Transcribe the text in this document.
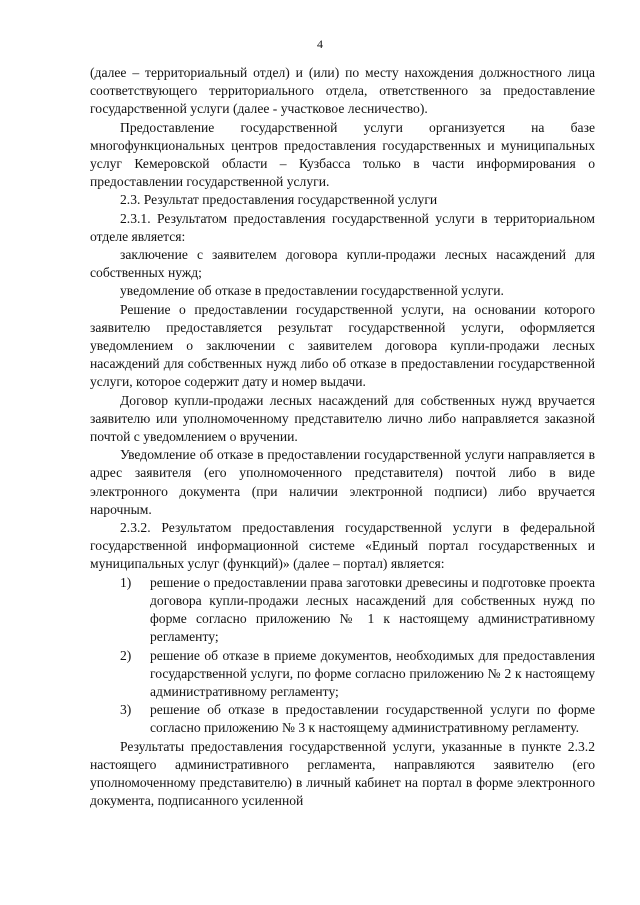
4

(далее – территориальный отдел) и (или) по месту нахождения должностного лица соответствующего территориального отдела, ответственного за предоставление государственной услуги (далее - участковое лесничество).

Предоставление государственной услуги организуется на базе многофункциональных центров предоставления государственных и муниципальных услуг Кемеровской области – Кузбасса только в части информирования о предоставлении государственной услуги.

2.3. Результат предоставления государственной услуги

2.3.1. Результатом предоставления государственной услуги в территориальном отделе является:

заключение с заявителем договора купли-продажи лесных насаждений для собственных нужд;

уведомление об отказе в предоставлении государственной услуги.

Решение о предоставлении государственной услуги, на основании которого заявителю предоставляется результат государственной услуги, оформляется уведомлением о заключении с заявителем договора купли-продажи лесных насаждений для собственных нужд либо об отказе в предоставлении государственной услуги, которое содержит дату и номер выдачи.

Договор купли-продажи лесных насаждений для собственных нужд вручается заявителю или уполномоченному представителю лично либо направляется заказной почтой с уведомлением о вручении.

Уведомление об отказе в предоставлении государственной услуги направляется в адрес заявителя (его уполномоченного представителя) почтой либо в виде электронного документа (при наличии электронной подписи) либо вручается нарочным.

2.3.2. Результатом предоставления государственной услуги в федеральной государственной информационной системе «Единый портал государственных и муниципальных услуг (функций)» (далее – портал) является:

1)	решение о предоставлении права заготовки древесины и подготовке проекта договора купли-продажи лесных насаждений для собственных нужд по форме согласно приложению № 1 к настоящему административному регламенту;
2)	решение об отказе в приеме документов, необходимых для предоставления государственной услуги, по форме согласно приложению № 2 к настоящему административному регламенту;
3)	решение об отказе в предоставлении государственной услуги по форме согласно приложению № 3 к настоящему административному регламенту.

Результаты предоставления государственной услуги, указанные в пункте 2.3.2 настоящего административного регламента, направляются заявителю (его уполномоченному представителю) в личный кабинет на портал в форме электронного документа, подписанного усиленной
